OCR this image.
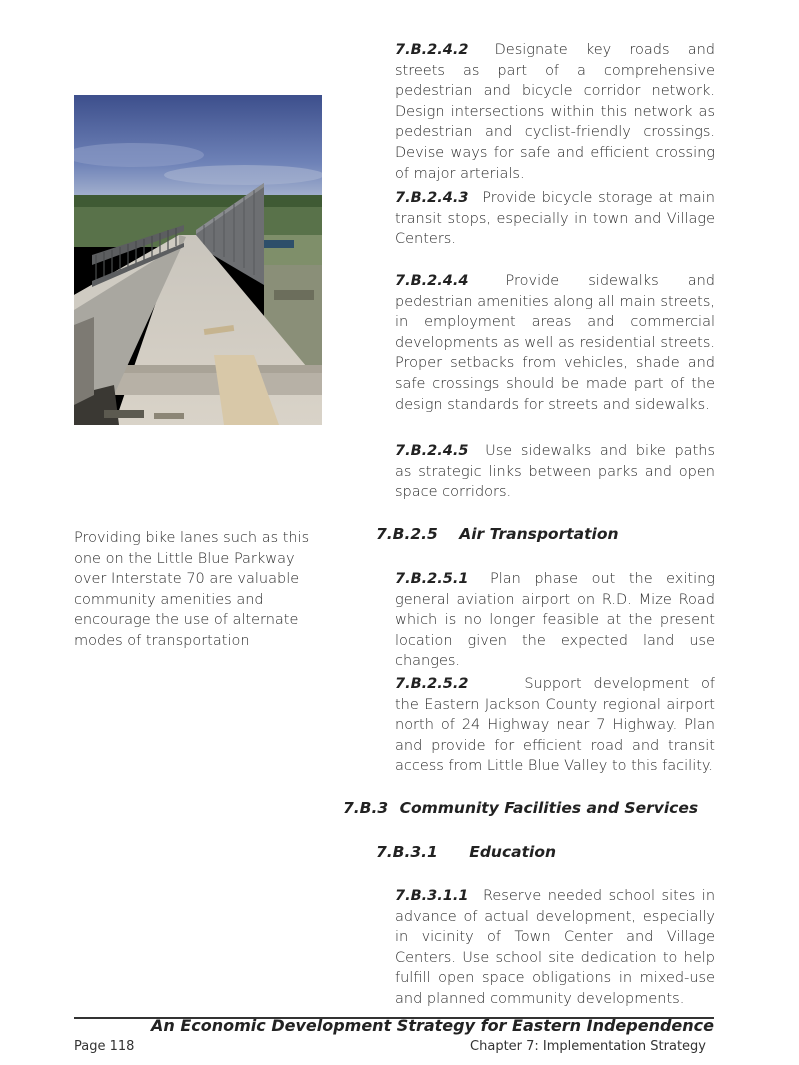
Providing bike lanes such as this one on the Little Blue Parkway over Interstate 70 are valuable community amenities and encourage the use of alternate modes of transportation
7.B.2.4.2 Designate key roads and streets as part of a comprehensive pedestrian and bicycle corridor network. Design intersections within this network as pedestrian and cyclist-friendly crossings. Devise ways for safe and efficient crossing of major arterials.
7.B.2.4.3 Provide bicycle storage at main transit stops, especially in town and Village Centers.
7.B.2.4.4	Provide sidewalks and pedestrian amenities along all main streets, in employment areas and commercial developments as well as residential streets. Proper setbacks from vehicles, shade and safe crossings should be made part of the design standards for streets and sidewalks.
7.B.2.4.5 Use sidewalks and bike paths as strategic links between parks and open space corridors.
7.B.2.5 Air Transportation
7.B.2.5.1 Plan phase out the exiting general aviation airport on R.D. Mize Road which is no longer feasible at the present location given the expected land use changes.
7.B.2.5.2	Support development of the Eastern Jackson County regional airport north of 24 Highway near 7 Highway. Plan and provide for efficient road and transit access from Little Blue Valley to this facility.
7.B.3 Community Facilities and Services
7.B.3.1 Education
7.B.3.1.1 Reserve needed school sites in advance of actual development, especially in vicinity of Town Center and Village Centers. Use school site dedication to help fulfill open space obligations in mixed-use and planned community developments.
An Economic Development Strategy for Eastern Independence
Page 118	Chapter 7: Implementation Strategy
